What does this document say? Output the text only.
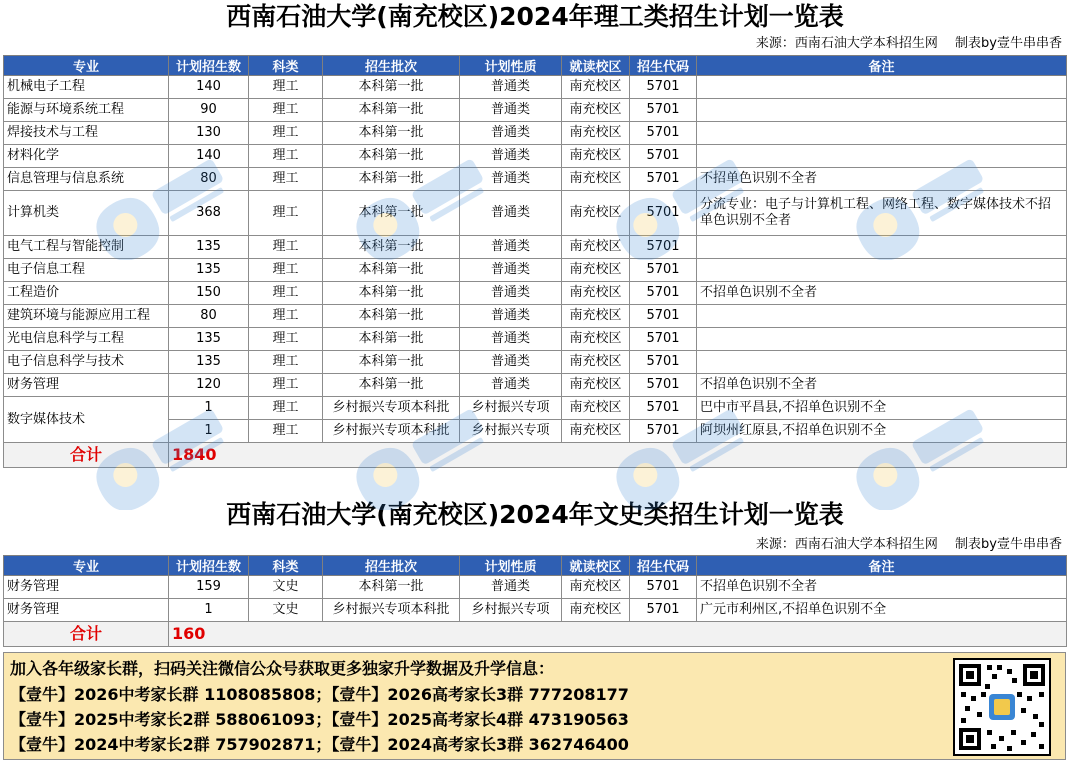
西南石油大学(南充校区)2024年理工类招生计划一览表
来源：西南石油大学本科招生网　 制表by壹牛串串香
专业	计划招生数	科类	招生批次	计划性质	就读校区	招生代码	备注
机械电子工程	140	理工	本科第一批	普通类	南充校区	5701	
能源与环境系统工程	90	理工	本科第一批	普通类	南充校区	5701	
焊接技术与工程	130	理工	本科第一批	普通类	南充校区	5701	
材料化学	140	理工	本科第一批	普通类	南充校区	5701	
信息管理与信息系统	80	理工	本科第一批	普通类	南充校区	5701	不招单色识别不全者
计算机类	368	理工	本科第一批	普通类	南充校区	5701	分流专业：电子与计算机工程、网络工程、数字媒体技术不招单色识别不全者
电气工程与智能控制	135	理工	本科第一批	普通类	南充校区	5701	
电子信息工程	135	理工	本科第一批	普通类	南充校区	5701	
工程造价	150	理工	本科第一批	普通类	南充校区	5701	不招单色识别不全者
建筑环境与能源应用工程	80	理工	本科第一批	普通类	南充校区	5701	
光电信息科学与工程	135	理工	本科第一批	普通类	南充校区	5701	
电子信息科学与技术	135	理工	本科第一批	普通类	南充校区	5701	
财务管理	120	理工	本科第一批	普通类	南充校区	5701	不招单色识别不全者
数字媒体技术	1	理工	乡村振兴专项本科批	乡村振兴专项	南充校区	5701	巴中市平昌县,不招单色识别不全
	1	理工	乡村振兴专项本科批	乡村振兴专项	南充校区	5701	阿坝州红原县,不招单色识别不全
合计	1840						
西南石油大学(南充校区)2024年文史类招生计划一览表
来源：西南石油大学本科招生网　 制表by壹牛串串香
专业	计划招生数	科类	招生批次	计划性质	就读校区	招生代码	备注
财务管理	159	文史	本科第一批	普通类	南充校区	5701	不招单色识别不全者
财务管理	1	文史	乡村振兴专项本科批	乡村振兴专项	南充校区	5701	广元市利州区,不招单色识别不全
合计	160						
加入各年级家长群，扫码关注微信公众号获取更多独家升学数据及升学信息：
【壹牛】2026中考家长群 1108085808；【壹牛】2026高考家长3群 777208177
【壹牛】2025中考家长2群 588061093；【壹牛】2025高考家长4群 473190563
【壹牛】2024中考家长2群 757902871；【壹牛】2024高考家长3群 362746400
